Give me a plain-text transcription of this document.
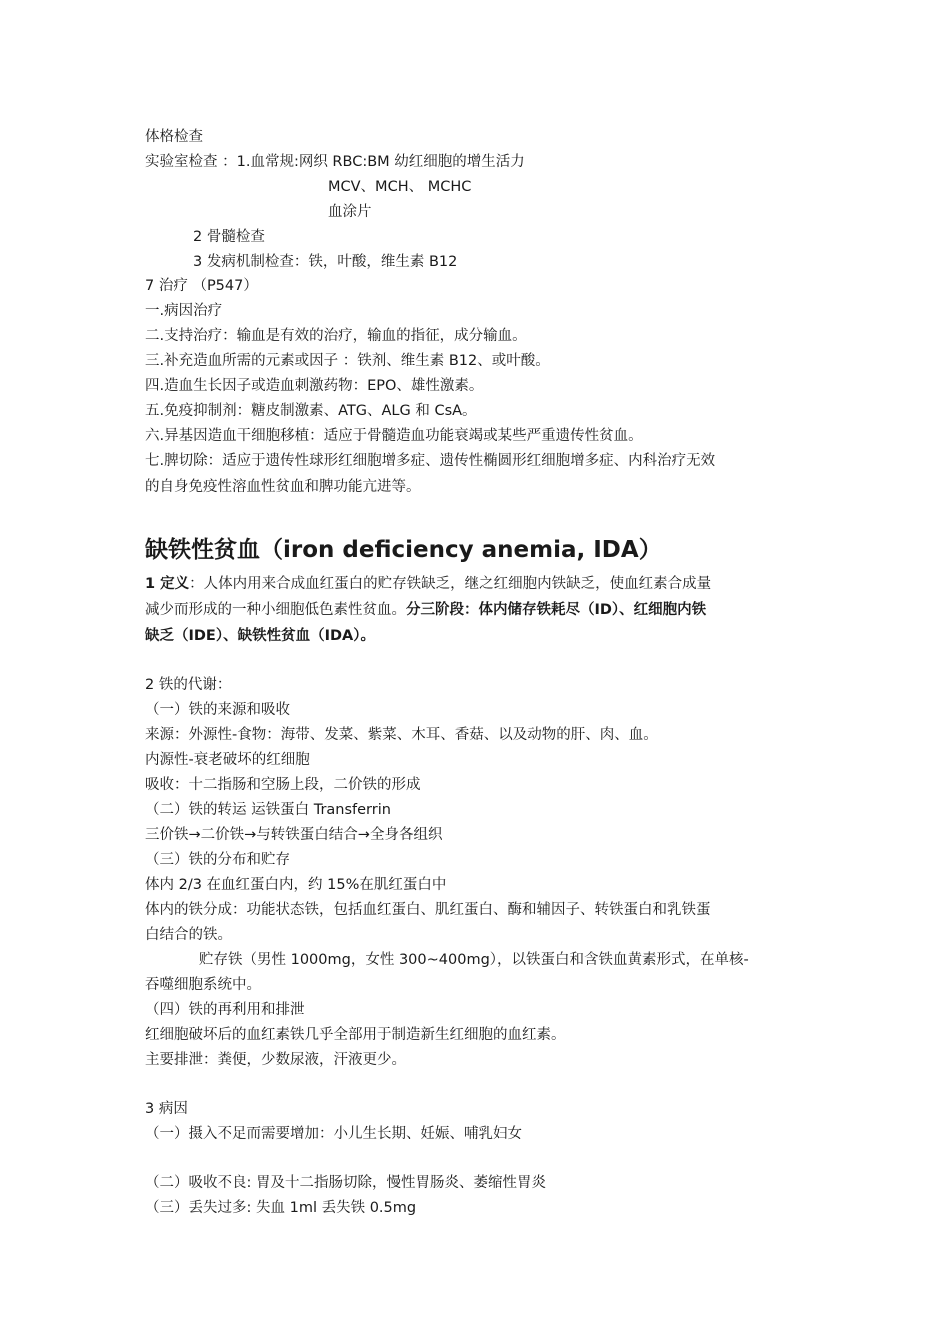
体格检查
实验室检查 ：1.血常规:网织 RBC:BM 幼红细胞的增生活力
MCV、MCH、 MCHC
血涂片
2 骨髓检查
3 发病机制检查：铁，叶酸，维生素 B12
7 治疗 （P547）
一.病因治疗
二.支持治疗：输血是有效的治疗，输血的指征，成分输血。
三.补充造血所需的元素或因子 ：铁剂、维生素 B12、或叶酸。
四.造血生长因子或造血刺激药物：EPO、雄性激素。
五.免疫抑制剂：糖皮制激素、ATG、ALG 和 CsA。
六.异基因造血干细胞移植：适应于骨髓造血功能衰竭或某些严重遗传性贫血。
七.脾切除：适应于遗传性球形红细胞增多症、遗传性椭圆形红细胞增多症、内科治疗无效
的自身免疫性溶血性贫血和脾功能亢进等。
缺铁性贫血（iron deficiency anemia, IDA）
1 定义：人体内用来合成血红蛋白的贮存铁缺乏，继之红细胞内铁缺乏，使血红素合成量
减少而形成的一种小细胞低色素性贫血。分三阶段：体内储存铁耗尽（ID）、红细胞内铁
缺乏（IDE）、缺铁性贫血（IDA）。
2 铁的代谢：
（一）铁的来源和吸收
来源：外源性-食物：海带、发菜、紫菜、木耳、香菇、以及动物的肝、肉、血。
内源性-衰老破坏的红细胞
吸收：十二指肠和空肠上段，二价铁的形成
（二）铁的转运 运铁蛋白 Transferrin
三价铁→二价铁→与转铁蛋白结合→全身各组织
（三）铁的分布和贮存
体内 2/3 在血红蛋白内，约 15%在肌红蛋白中
体内的铁分成：功能状态铁，包括血红蛋白、肌红蛋白、酶和辅因子、转铁蛋白和乳铁蛋
白结合的铁。
贮存铁（男性 1000mg，女性 300~400mg），以铁蛋白和含铁血黄素形式，在单核-
吞噬细胞系统中。
（四）铁的再利用和排泄
红细胞破坏后的血红素铁几乎全部用于制造新生红细胞的血红素。
主要排泄：粪便，少数尿液，汗液更少。
3 病因
（一）摄入不足而需要增加：小儿生长期、妊娠、哺乳妇女
（二）吸收不良: 胃及十二指肠切除，慢性胃肠炎、萎缩性胃炎
（三）丢失过多: 失血 1ml 丢失铁 0.5mg
